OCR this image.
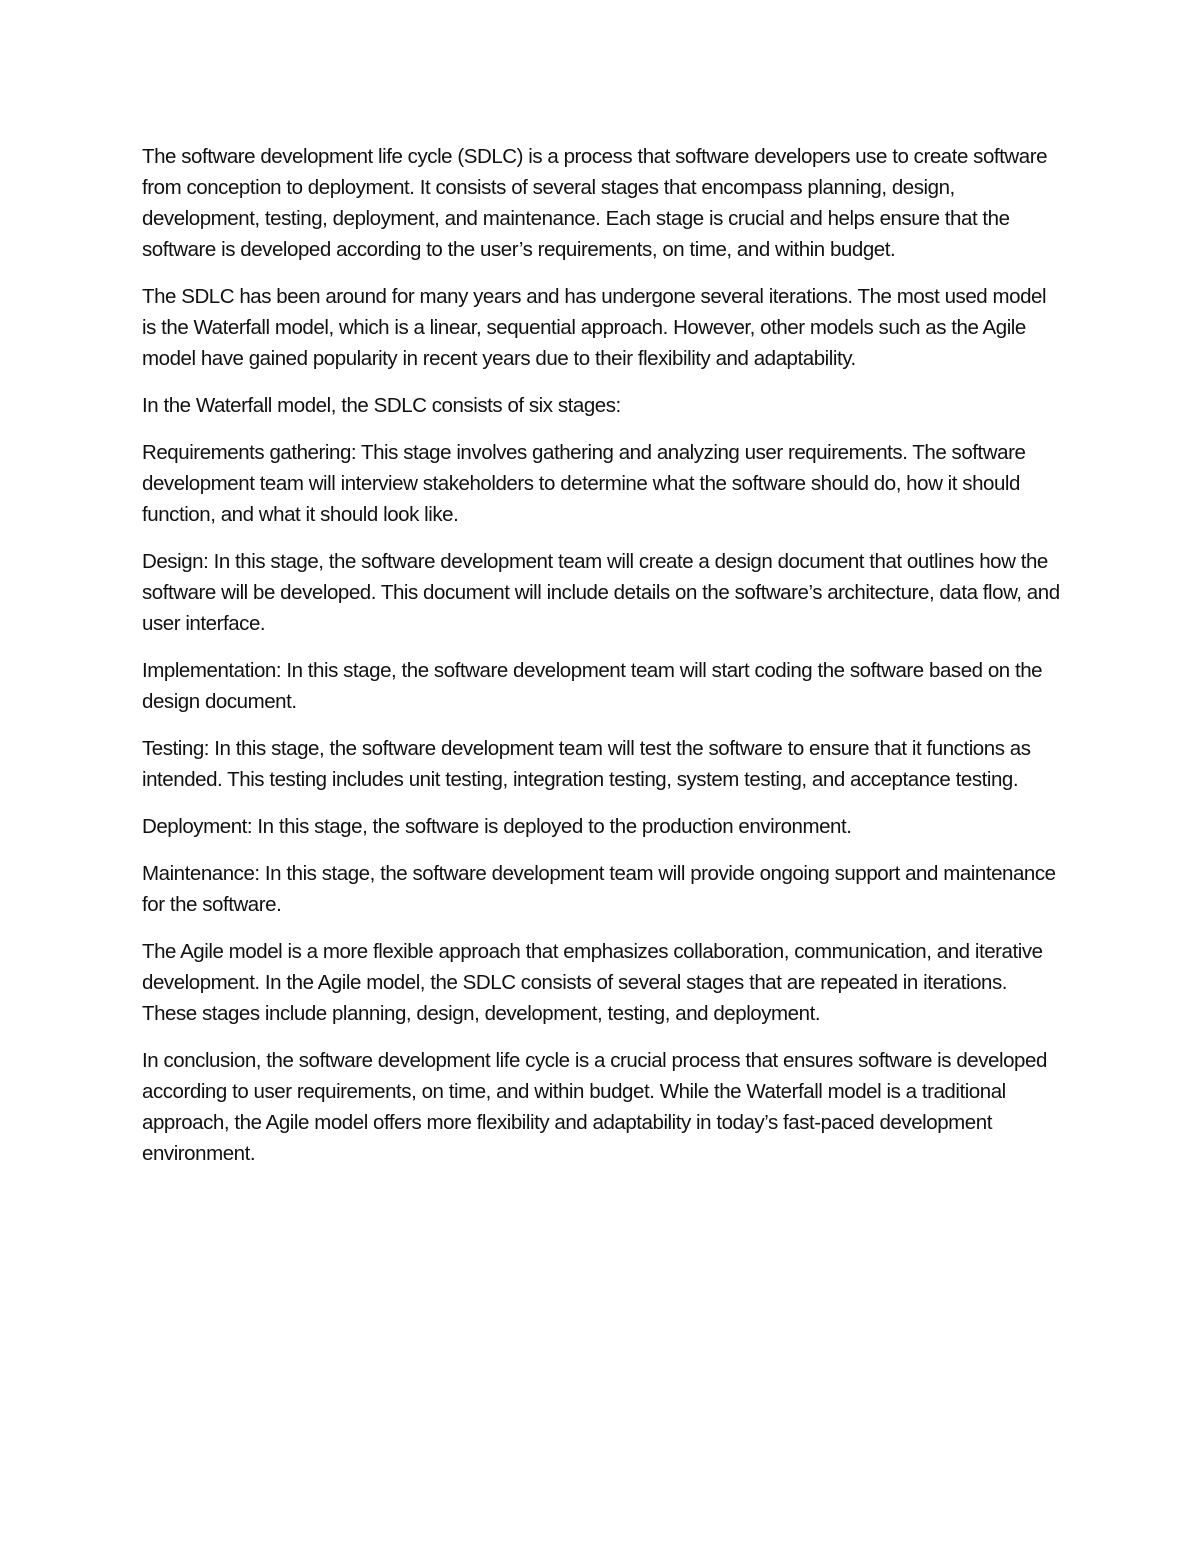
The software development life cycle (SDLC) is a process that software developers use to create software from conception to deployment. It consists of several stages that encompass planning, design, development, testing, deployment, and maintenance. Each stage is crucial and helps ensure that the software is developed according to the user’s requirements, on time, and within budget.

The SDLC has been around for many years and has undergone several iterations. The most used model is the Waterfall model, which is a linear, sequential approach. However, other models such as the Agile model have gained popularity in recent years due to their flexibility and adaptability.

In the Waterfall model, the SDLC consists of six stages:

Requirements gathering: This stage involves gathering and analyzing user requirements. The software development team will interview stakeholders to determine what the software should do, how it should function, and what it should look like.

Design: In this stage, the software development team will create a design document that outlines how the software will be developed. This document will include details on the software’s architecture, data flow, and user interface.

Implementation: In this stage, the software development team will start coding the software based on the design document.

Testing: In this stage, the software development team will test the software to ensure that it functions as intended. This testing includes unit testing, integration testing, system testing, and acceptance testing.

Deployment: In this stage, the software is deployed to the production environment.

Maintenance: In this stage, the software development team will provide ongoing support and maintenance for the software.

The Agile model is a more flexible approach that emphasizes collaboration, communication, and iterative development. In the Agile model, the SDLC consists of several stages that are repeated in iterations. These stages include planning, design, development, testing, and deployment.

In conclusion, the software development life cycle is a crucial process that ensures software is developed according to user requirements, on time, and within budget. While the Waterfall model is a traditional approach, the Agile model offers more flexibility and adaptability in today’s fast-paced development environment.
